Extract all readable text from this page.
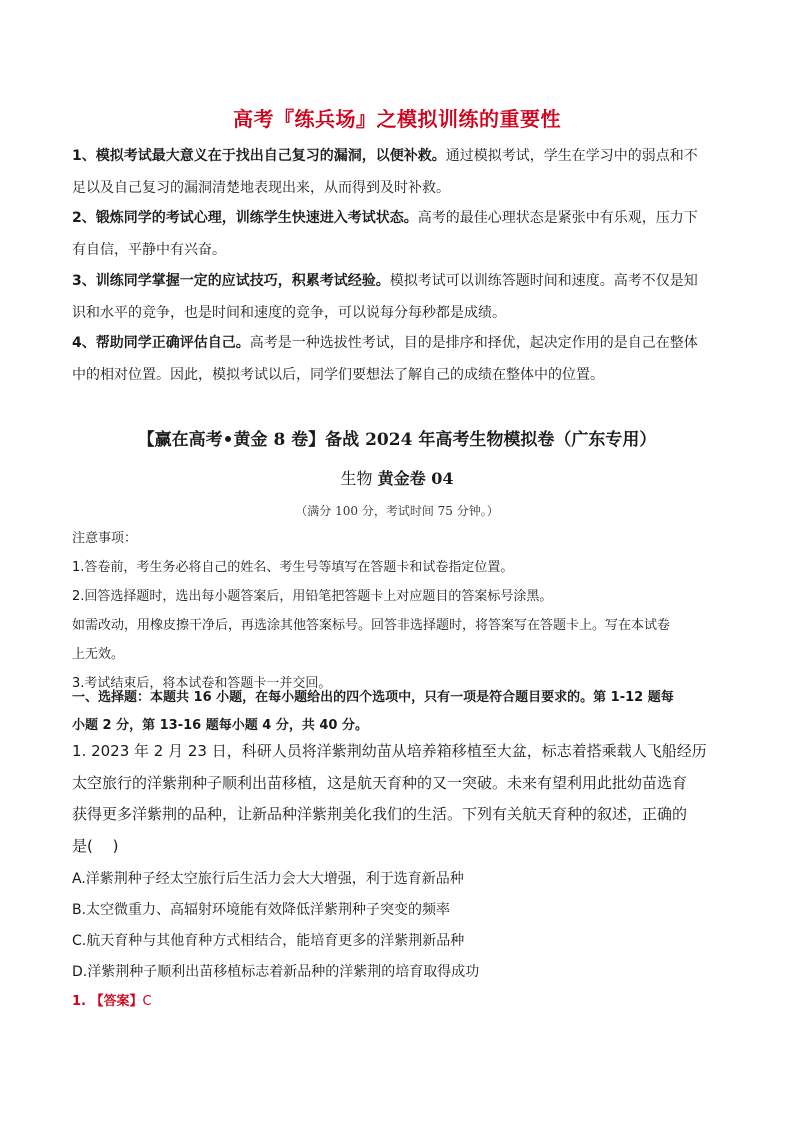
高考『练兵场』之模拟训练的重要性
1、模拟考试最大意义在于找出自己复习的漏洞，以便补救。通过模拟考试，学生在学习中的弱点和不
足以及自己复习的漏洞清楚地表现出来，从而得到及时补救。
2、锻炼同学的考试心理，训练学生快速进入考试状态。高考的最佳心理状态是紧张中有乐观，压力下
有自信，平静中有兴奋。
3、训练同学掌握一定的应试技巧，积累考试经验。模拟考试可以训练答题时间和速度。高考不仅是知
识和水平的竞争，也是时间和速度的竞争，可以说每分每秒都是成绩。
4、帮助同学正确评估自己。高考是一种选拔性考试，目的是排序和择优，起决定作用的是自己在整体
中的相对位置。因此，模拟考试以后，同学们要想法了解自己的成绩在整体中的位置。
【赢在高考•黄金 8 卷】备战 2024 年高考生物模拟卷（广东专用）
生物 黄金卷 04
（满分 100 分，考试时间 75 分钟。）
注意事项：
1.答卷前，考生务必将自己的姓名、考生号等填写在答题卡和试卷指定位置。
2.回答选择题时，选出每小题答案后，用铅笔把答题卡上对应题目的答案标号涂黑。
如需改动，用橡皮擦干净后，再选涂其他答案标号。回答非选择题时，将答案写在答题卡上。写在本试卷
上无效。
3.考试结束后，将本试卷和答题卡一并交回。
一、选择题：本题共 16 小题，在每小题给出的四个选项中，只有一项是符合题目要求的。第 1-12 题每
小题 2 分，第 13-16 题每小题 4 分，共 40 分。
1. 2023 年 2 月 23 日，科研人员将洋紫荆幼苗从培养箱移植至大盆，标志着搭乘载人飞船经历
太空旅行的洋紫荆种子顺利出苗移植，这是航天育种的又一突破。未来有望利用此批幼苗选育
获得更多洋紫荆的品种，让新品种洋紫荆美化我们的生活。下列有关航天育种的叙述，正确的
是(　 )
A.洋紫荆种子经太空旅行后生活力会大大增强，利于选育新品种
B.太空微重力、高辐射环境能有效降低洋紫荆种子突变的频率
C.航天育种与其他育种方式相结合，能培育更多的洋紫荆新品种
D.洋紫荆种子顺利出苗移植标志着新品种的洋紫荆的培育取得成功
1. 【答案】C
